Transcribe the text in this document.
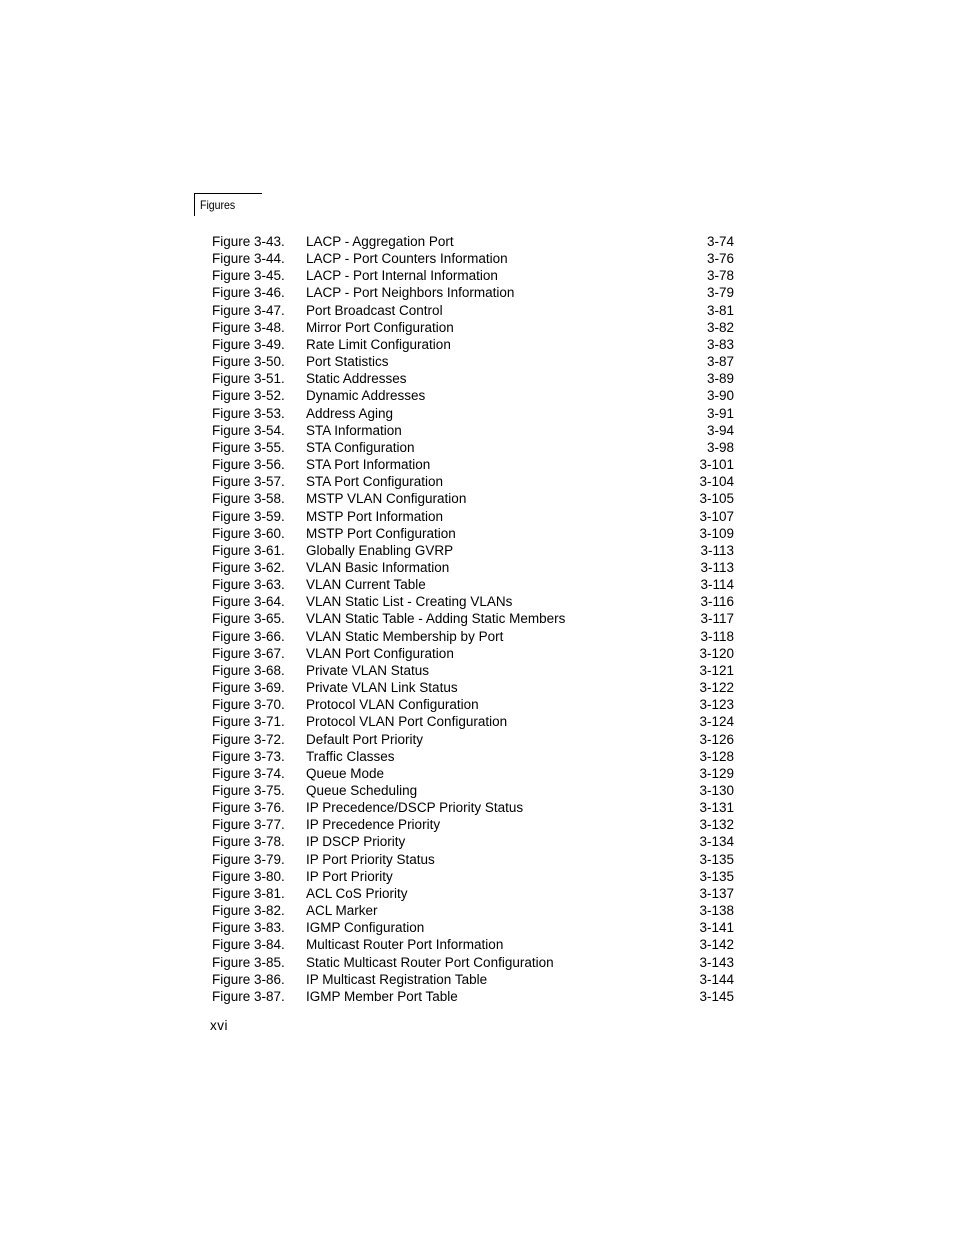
Figures
Figure 3-43. LACP - Aggregation Port	3-74
Figure 3-44. LACP - Port Counters Information	3-76
Figure 3-45. LACP - Port Internal Information	3-78
Figure 3-46. LACP - Port Neighbors Information	3-79
Figure 3-47. Port Broadcast Control	3-81
Figure 3-48. Mirror Port Configuration	3-82
Figure 3-49. Rate Limit Configuration	3-83
Figure 3-50. Port Statistics	3-87
Figure 3-51. Static Addresses	3-89
Figure 3-52. Dynamic Addresses	3-90
Figure 3-53. Address Aging	3-91
Figure 3-54. STA Information	3-94
Figure 3-55. STA Configuration	3-98
Figure 3-56. STA Port Information	3-101
Figure 3-57. STA Port Configuration	3-104
Figure 3-58. MSTP VLAN Configuration	3-105
Figure 3-59. MSTP Port Information	3-107
Figure 3-60. MSTP Port Configuration	3-109
Figure 3-61. Globally Enabling GVRP	3-113
Figure 3-62. VLAN Basic Information	3-113
Figure 3-63. VLAN Current Table	3-114
Figure 3-64. VLAN Static List - Creating VLANs	3-116
Figure 3-65. VLAN Static Table - Adding Static Members	3-117
Figure 3-66. VLAN Static Membership by Port	3-118
Figure 3-67. VLAN Port Configuration	3-120
Figure 3-68. Private VLAN Status	3-121
Figure 3-69. Private VLAN Link Status	3-122
Figure 3-70. Protocol VLAN Configuration	3-123
Figure 3-71. Protocol VLAN Port Configuration	3-124
Figure 3-72. Default Port Priority	3-126
Figure 3-73. Traffic Classes	3-128
Figure 3-74. Queue Mode	3-129
Figure 3-75. Queue Scheduling	3-130
Figure 3-76. IP Precedence/DSCP Priority Status	3-131
Figure 3-77. IP Precedence Priority	3-132
Figure 3-78. IP DSCP Priority	3-134
Figure 3-79. IP Port Priority Status	3-135
Figure 3-80. IP Port Priority	3-135
Figure 3-81. ACL CoS Priority	3-137
Figure 3-82. ACL Marker	3-138
Figure 3-83. IGMP Configuration	3-141
Figure 3-84. Multicast Router Port Information	3-142
Figure 3-85. Static Multicast Router Port Configuration	3-143
Figure 3-86. IP Multicast Registration Table	3-144
Figure 3-87. IGMP Member Port Table	3-145
xvi
